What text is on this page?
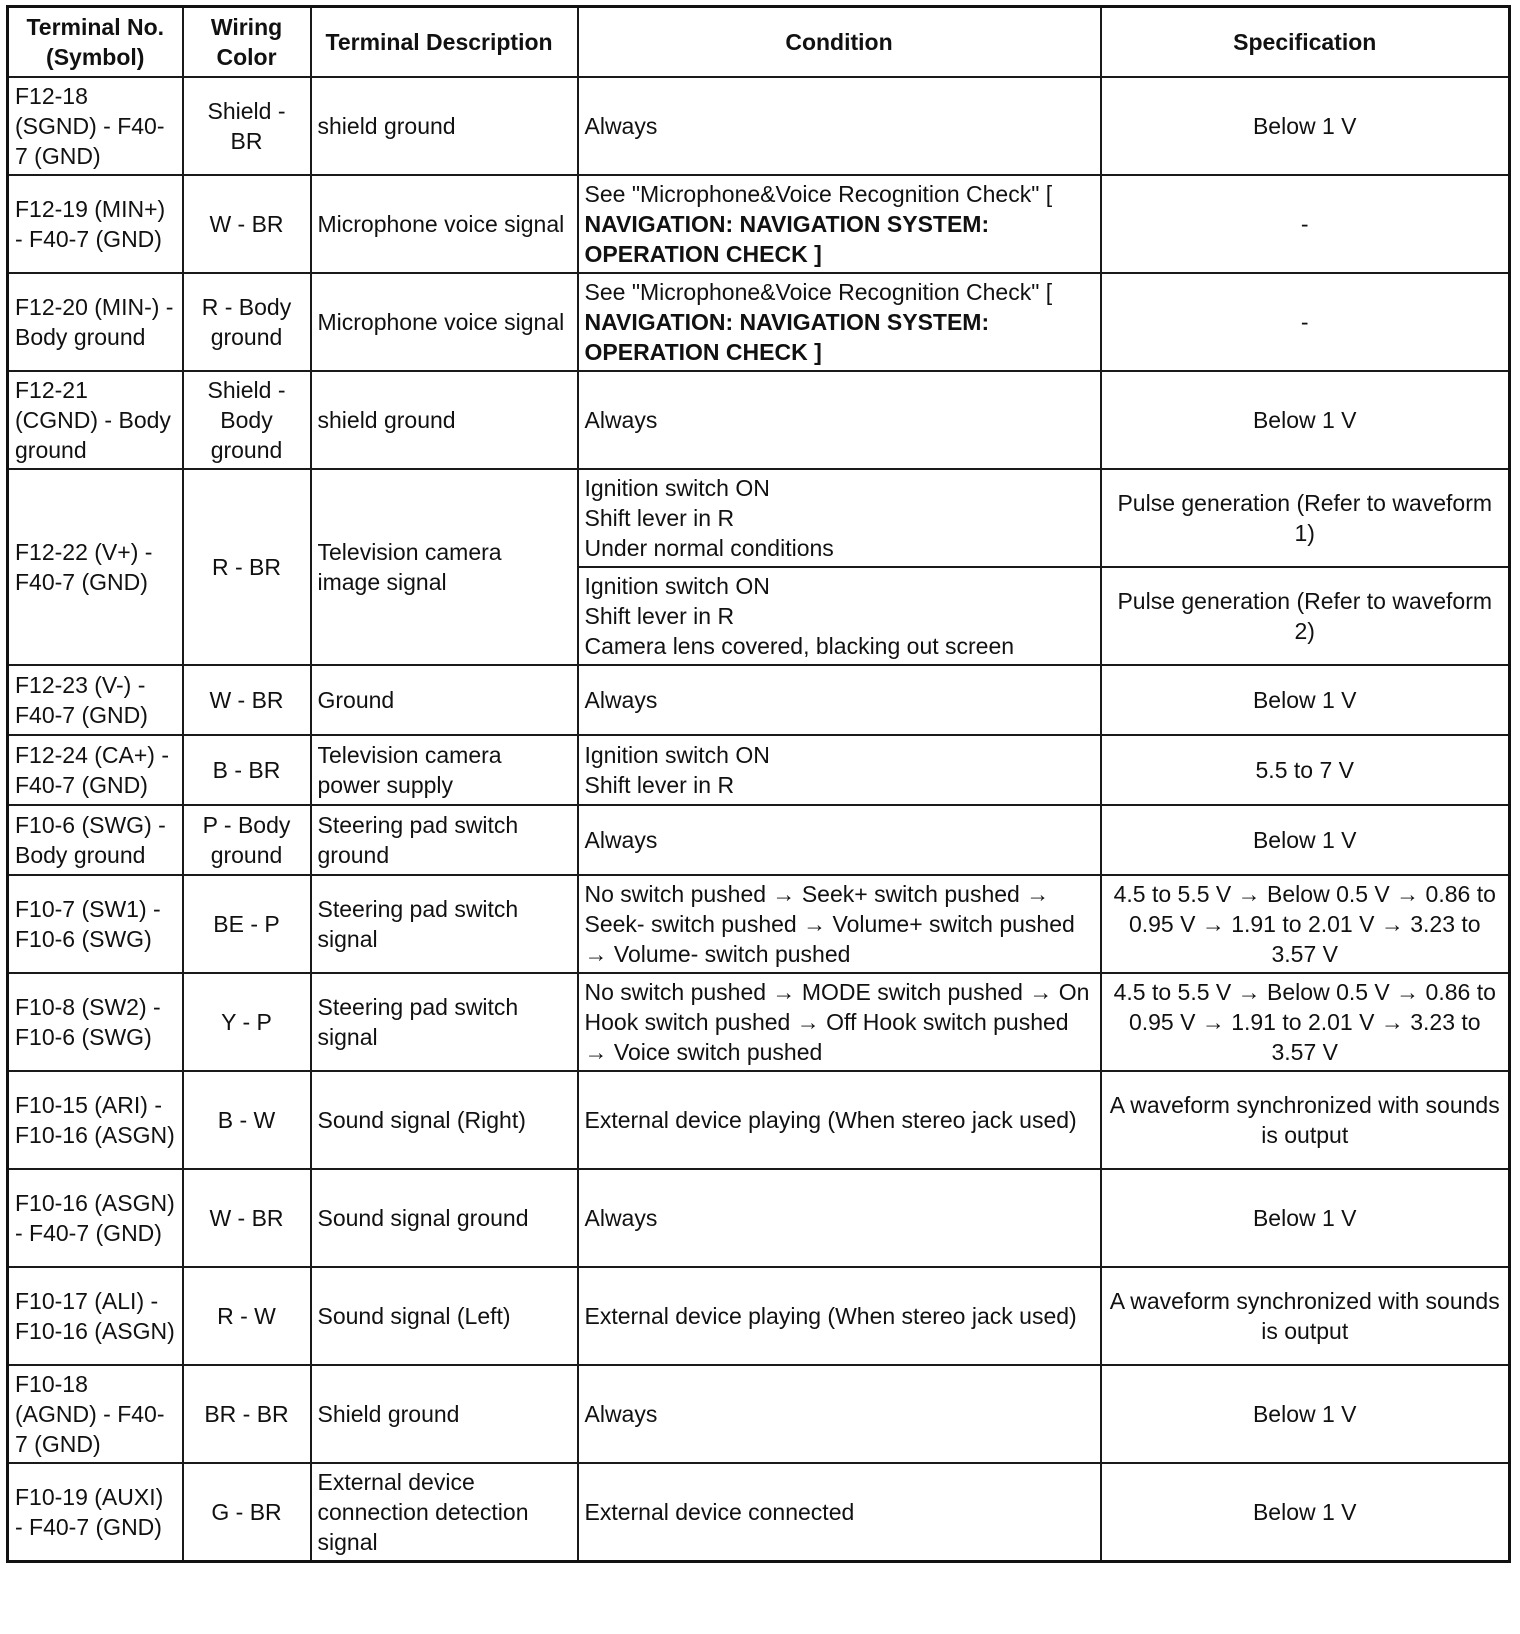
Terminal No. (Symbol)	Wiring Color	Terminal Description	Condition	Specification
F12-18 (SGND) - F40-7 (GND)	Shield - BR	shield ground	Always	Below 1 V
F12-19 (MIN+) - F40-7 (GND)	W - BR	Microphone voice signal	See "Microphone&Voice Recognition Check" [ NAVIGATION: NAVIGATION SYSTEM: OPERATION CHECK ]	-
F12-20 (MIN-) - Body ground	R - Body ground	Microphone voice signal	See "Microphone&Voice Recognition Check" [ NAVIGATION: NAVIGATION SYSTEM: OPERATION CHECK ]	-
F12-21 (CGND) - Body ground	Shield - Body ground	shield ground	Always	Below 1 V
F12-22 (V+) - F40-7 (GND)	R - BR	Television camera image signal	Ignition switch ON
Shift lever in R
Under normal conditions	Pulse generation (Refer to waveform 1)

			Ignition switch ON
Shift lever in R
Camera lens covered, blacking out screen	Pulse generation (Refer to waveform 2)
F12-23 (V-) - F40-7 (GND)	W - BR	Ground	Always	Below 1 V
F12-24 (CA+) - F40-7 (GND)	B - BR	Television camera power supply	Ignition switch ON
Shift lever in R	5.5 to 7 V
F10-6 (SWG) - Body ground	P - Body ground	Steering pad switch ground	Always	Below 1 V
F10-7 (SW1) - F10-6 (SWG)	BE - P	Steering pad switch signal	No switch pushed → Seek+ switch pushed → Seek- switch pushed → Volume+ switch pushed → Volume- switch pushed	4.5 to 5.5 V → Below 0.5 V → 0.86 to 0.95 V → 1.91 to 2.01 V → 3.23 to 3.57 V
F10-8 (SW2) - F10-6 (SWG)	Y - P	Steering pad switch signal	No switch pushed → MODE switch pushed → On Hook switch pushed → Off Hook switch pushed → Voice switch pushed	4.5 to 5.5 V → Below 0.5 V → 0.86 to 0.95 V → 1.91 to 2.01 V → 3.23 to 3.57 V
F10-15 (ARI) - F10-16 (ASGN)	B - W	Sound signal (Right)	External device playing (When stereo jack used)	A waveform synchronized with sounds is output
F10-16 (ASGN) - F40-7 (GND)	W - BR	Sound signal ground	Always	Below 1 V
F10-17 (ALI) - F10-16 (ASGN)	R - W	Sound signal (Left)	External device playing (When stereo jack used)	A waveform synchronized with sounds is output
F10-18 (AGND) - F40-7 (GND)	BR - BR	Shield ground	Always	Below 1 V
F10-19 (AUXI) - F40-7 (GND)	G - BR	External device connection detection signal	External device connected	Below 1 V
